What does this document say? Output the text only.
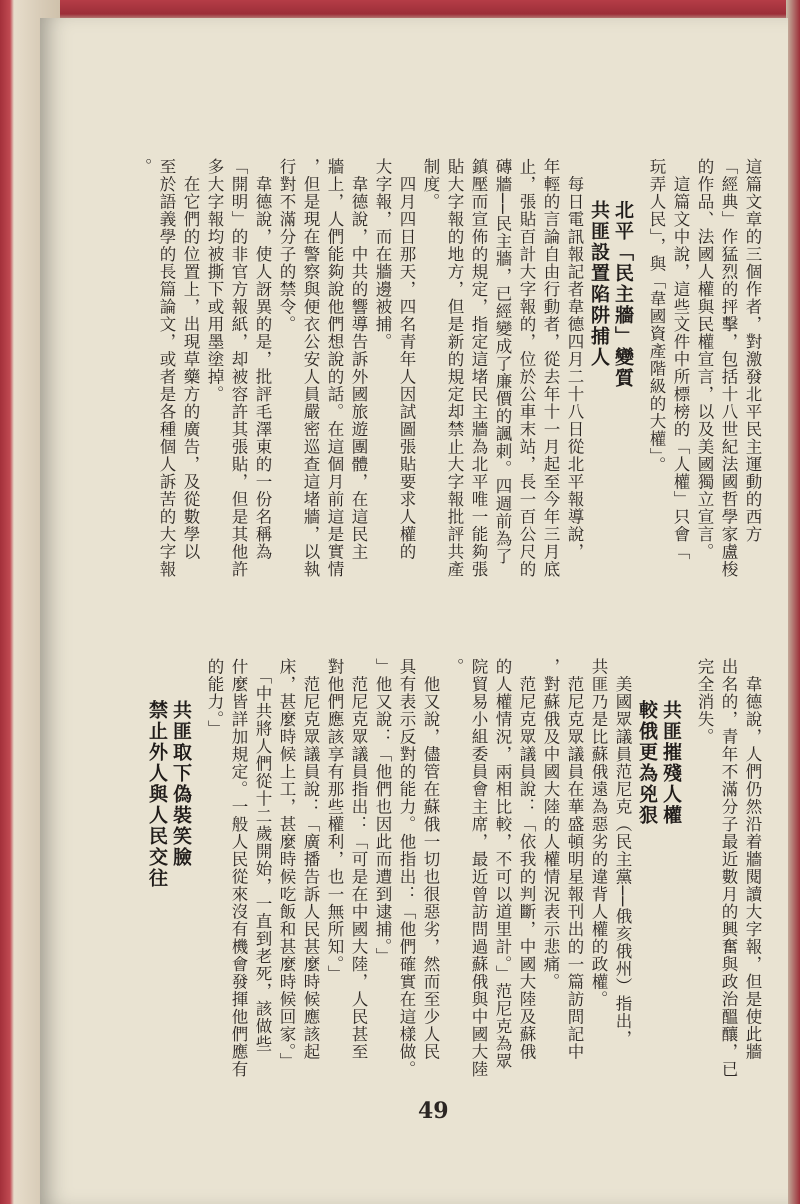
這篇文章的三個作者，對激發北平民主運動的西方
「經典」作猛烈的抨擊，包括十八世紀法國哲學家盧梭
的作品、法國人權與民權宣言，以及美國獨立宣言。
　這篇文中說，這些文件中所標榜的「人權」只會「
玩弄人民」，與「韋國資產階級的大權」。
　　北平「民主牆」變質
　　共匪設置陷阱捕人
　每日電訊報記者韋德四月二十八日從北平報導說，
年輕的言論自由行動者，從去年十一月起至今年三月底
止，張貼百計大字報的，位於公車末站，長一百公尺的
磚牆──民主牆，已經變成了廉價的諷刺。四週前為了
鎮壓而宣佈的規定，指定這堵民主牆為北平唯一能夠張
貼大字報的地方，但是新的規定却禁止大字報批評共產
制度。
　四月四日那天，四名青年人因試圖張貼要求人權的
大字報，而在牆邊被捕。
　韋德說，中共的響導告訴外國旅遊團體，在這民主
牆上，人們能夠說他們想說的話。在這個月前這是實情
，但是現在警察與便衣公安人員嚴密巡查這堵牆，以執
行對不滿分子的禁令。
　韋德說，使人訝異的是，批評毛澤東的一份名稱為
「開明」的非官方報紙，却被容許其張貼，但是其他許
多大字報均被撕下或用墨塗掉。
　在它們的位置上，出現草藥方的廣告，及從數學以
至於語義學的長篇論文，或者是各種個人訴苦的大字報
。
　韋德說，人們仍然沿着牆閱讀大字報，但是使此牆
出名的，青年不滿分子最近數月的興奮與政治醞釀，已
完全消失。
　　共匪摧殘人權
　　較俄更為兇狠
　美國眾議員范尼克（民主黨──俄亥俄州）指出，
共匪乃是比蘇俄遠為惡劣的違背人權的政權。
　范尼克眾議員在華盛頓明星報刊出的一篇訪問記中
，對蘇俄及中國大陸的人權情況表示悲痛。
　范尼克眾議員說：「依我的判斷，中國大陸及蘇俄
的人權情況，兩相比較，不可以道里計。」范尼克為眾
院貿易小組委員會主席，最近曾訪問過蘇俄與中國大陸
。
　他又說，儘管在蘇俄一切也很惡劣，然而至少人民
具有表示反對的能力。他指出：「他們確實在這樣做。
」他又說：「他們也因此而遭到逮捕。」
　范尼克眾議員指出：「可是在中國大陸，人民甚至
對他們應該享有那些權利，也一無所知。」
　范尼克眾議員說：「廣播告訴人民甚麼時候應該起
床，甚麼時候上工，甚麼時候吃飯和甚麼時候回家。」
　「中共將人們從十二歲開始，一直到老死，該做些
什麼皆詳加規定。一般人民從來沒有機會發揮他們應有
的能力。」
　　共匪取下偽裝笑臉
　　禁止外人與人民交往
49
